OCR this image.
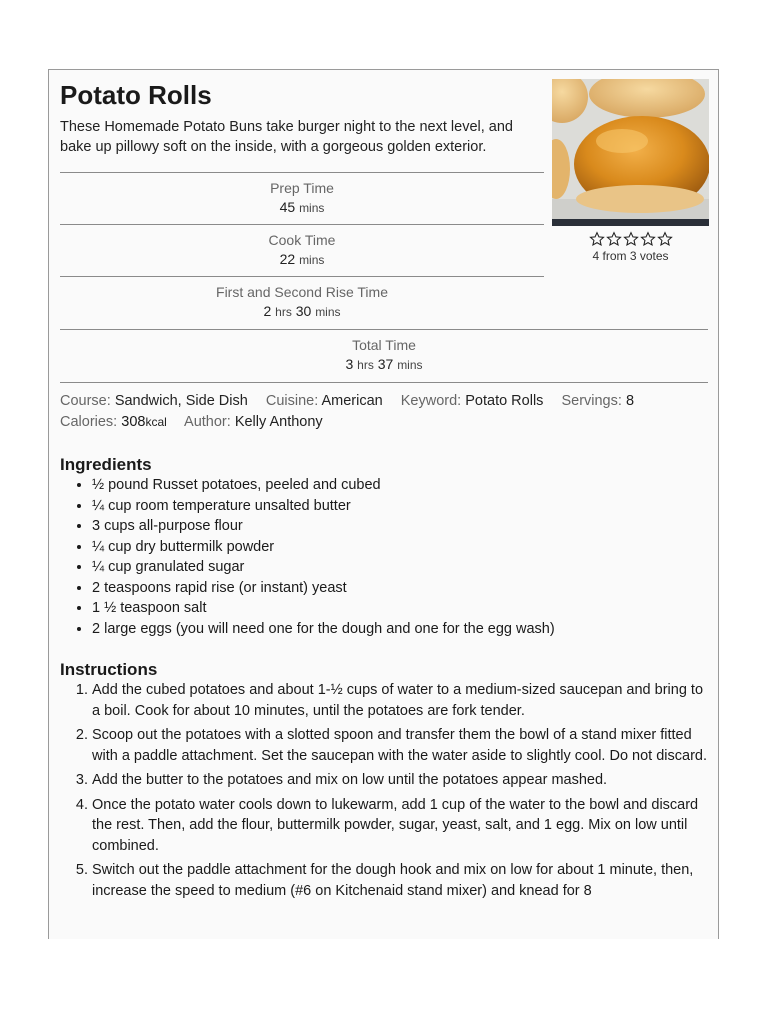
Potato Rolls

These Homemade Potato Buns take burger night to the next level, and bake up pillowy soft on the inside, with a gorgeous golden exterior.

4 from 3 votes
Prep Time
45 mins
Cook Time
22 mins
First and Second Rise Time
2 hrs 30 mins
Total Time
3 hrs 37 mins
Course: Sandwich, Side Dish Cuisine: American Keyword: Potato Rolls Servings: 8
Calories: 308kcal Author: Kelly Anthony
Ingredients
• ½ pound Russet potatoes, peeled and cubed
• ¼ cup room temperature unsalted butter
• 3 cups all-purpose flour
• ¼ cup dry buttermilk powder
• ¼ cup granulated sugar
• 2 teaspoons rapid rise (or instant) yeast
• 1 ½ teaspoon salt
• 2 large eggs (you will need one for the dough and one for the egg wash)
Instructions
1. Add the cubed potatoes and about 1-½ cups of water to a medium-sized saucepan and bring to a boil. Cook for about 10 minutes, until the potatoes are fork tender.
2. Scoop out the potatoes with a slotted spoon and transfer them the bowl of a stand mixer fitted with a paddle attachment. Set the saucepan with the water aside to slightly cool. Do not discard.
3. Add the butter to the potatoes and mix on low until the potatoes appear mashed.
4. Once the potato water cools down to lukewarm, add 1 cup of the water to the bowl and discard the rest. Then, add the flour, buttermilk powder, sugar, yeast, salt, and 1 egg. Mix on low until combined.
5. Switch out the paddle attachment for the dough hook and mix on low for about 1 minute, then, increase the speed to medium (#6 on Kitchenaid stand mixer) and knead for 8
